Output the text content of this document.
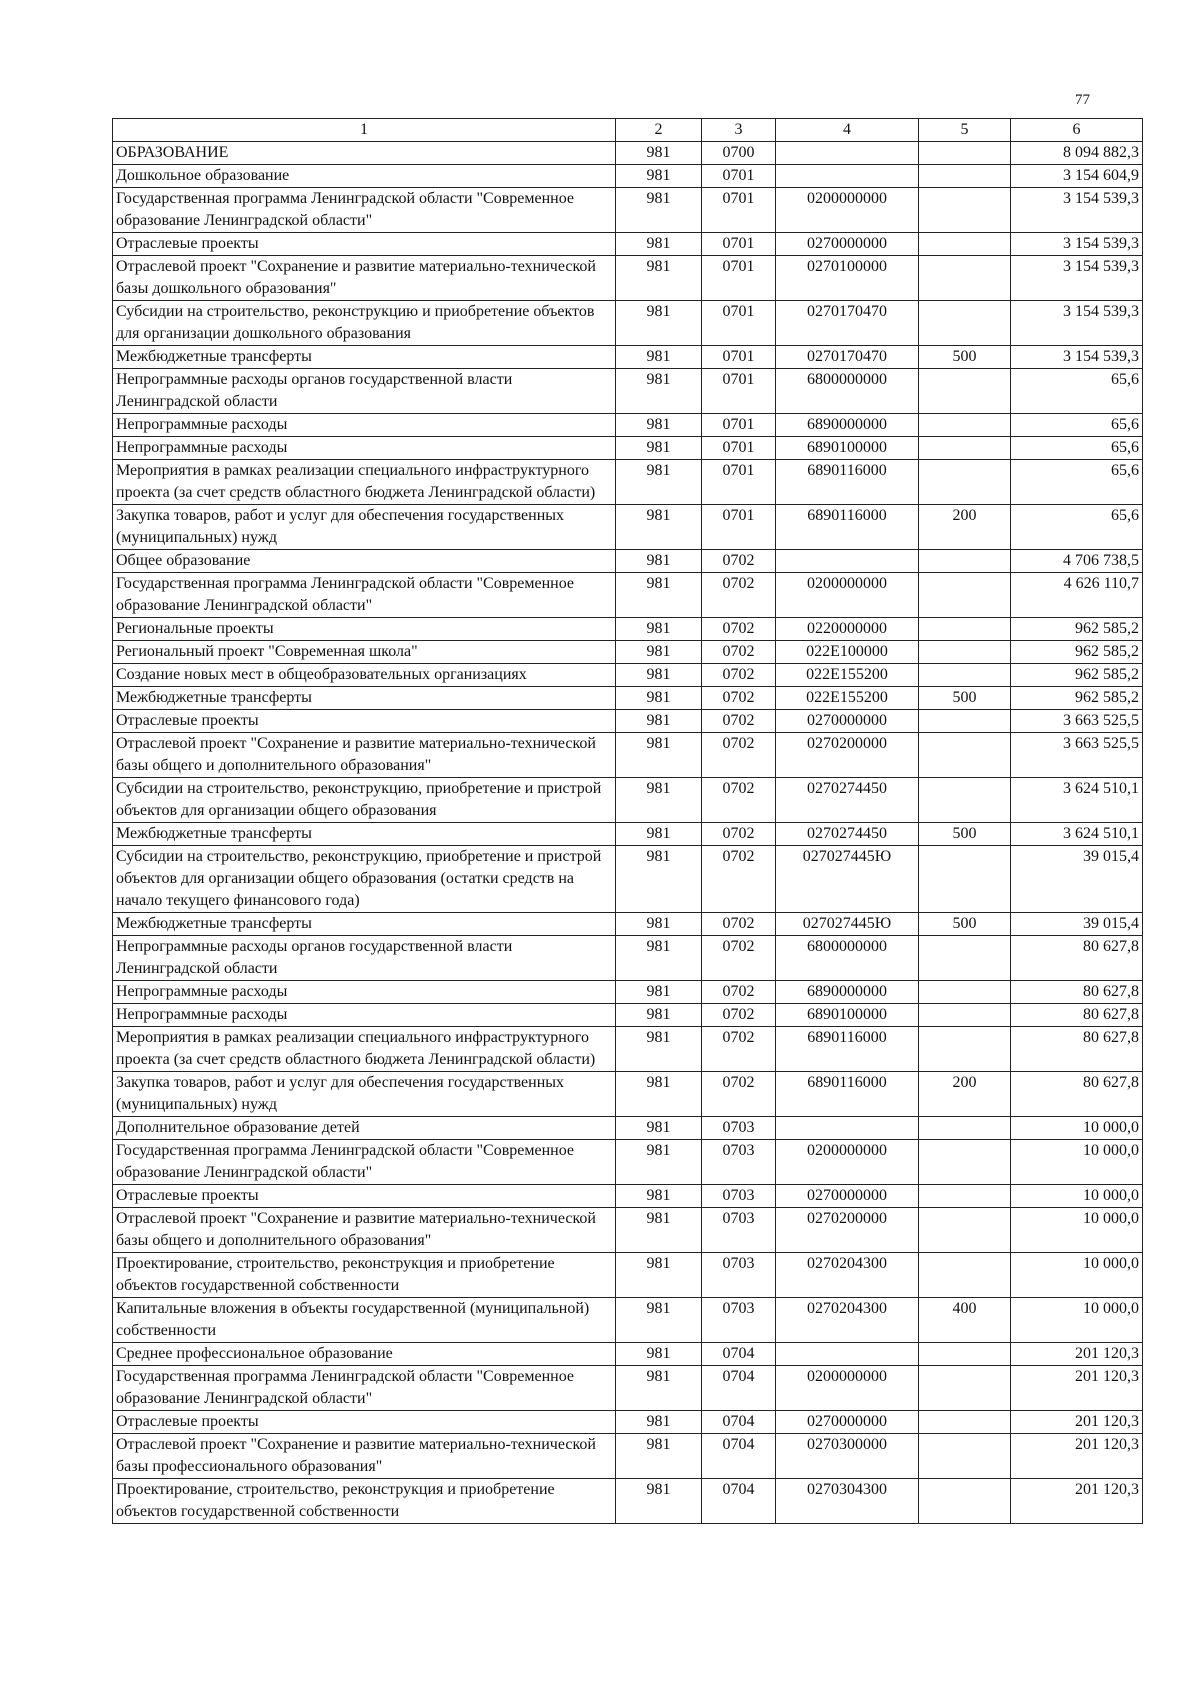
77
1	2	3	4	5	6
ОБРАЗОВАНИЕ	981	0700			8 094 882,3
Дошкольное образование	981	0701			3 154 604,9
Государственная программа Ленинградской области "Современное образование Ленинградской области"	981	0701	0200000000		3 154 539,3
Отраслевые проекты	981	0701	0270000000		3 154 539,3
Отраслевой проект "Сохранение и развитие материально-технической базы дошкольного образования"	981	0701	0270100000		3 154 539,3
Субсидии на строительство, реконструкцию и приобретение объектов для организации дошкольного образования	981	0701	0270170470		3 154 539,3
Межбюджетные трансферты	981	0701	0270170470	500	3 154 539,3
Непрограммные расходы органов государственной власти Ленинградской области	981	0701	6800000000		65,6
Непрограммные расходы	981	0701	6890000000		65,6
Непрограммные расходы	981	0701	6890100000		65,6
Мероприятия в рамках реализации специального инфраструктурного проекта (за счет средств областного бюджета Ленинградской области)	981	0701	6890116000		65,6
Закупка товаров, работ и услуг для обеспечения государственных (муниципальных) нужд	981	0701	6890116000	200	65,6
Общее образование	981	0702			4 706 738,5
Государственная программа Ленинградской области "Современное образование Ленинградской области"	981	0702	0200000000		4 626 110,7
Региональные проекты	981	0702	0220000000		962 585,2
Региональный проект "Современная школа"	981	0702	022E100000		962 585,2
Создание новых мест в общеобразовательных организациях	981	0702	022E155200		962 585,2
Межбюджетные трансферты	981	0702	022E155200	500	962 585,2
Отраслевые проекты	981	0702	0270000000		3 663 525,5
Отраслевой проект "Сохранение и развитие материально-технической базы общего и дополнительного образования"	981	0702	0270200000		3 663 525,5
Субсидии на строительство, реконструкцию, приобретение и пристрой объектов для организации общего образования	981	0702	0270274450		3 624 510,1
Межбюджетные трансферты	981	0702	0270274450	500	3 624 510,1
Субсидии на строительство, реконструкцию, приобретение и пристрой объектов для организации общего образования (остатки средств на начало текущего финансового года)	981	0702	027027445Ю		39 015,4
Межбюджетные трансферты	981	0702	027027445Ю	500	39 015,4
Непрограммные расходы органов государственной власти Ленинградской области	981	0702	6800000000		80 627,8
Непрограммные расходы	981	0702	6890000000		80 627,8
Непрограммные расходы	981	0702	6890100000		80 627,8
Мероприятия в рамках реализации специального инфраструктурного проекта (за счет средств областного бюджета Ленинградской области)	981	0702	6890116000		80 627,8
Закупка товаров, работ и услуг для обеспечения государственных (муниципальных) нужд	981	0702	6890116000	200	80 627,8
Дополнительное образование детей	981	0703			10 000,0
Государственная программа Ленинградской области "Современное образование Ленинградской области"	981	0703	0200000000		10 000,0
Отраслевые проекты	981	0703	0270000000		10 000,0
Отраслевой проект "Сохранение и развитие материально-технической базы общего и дополнительного образования"	981	0703	0270200000		10 000,0
Проектирование, строительство, реконструкция и приобретение объектов государственной собственности	981	0703	0270204300		10 000,0
Капитальные вложения в объекты государственной (муниципальной) собственности	981	0703	0270204300	400	10 000,0
Среднее профессиональное образование	981	0704			201 120,3
Государственная программа Ленинградской области "Современное образование Ленинградской области"	981	0704	0200000000		201 120,3
Отраслевые проекты	981	0704	0270000000		201 120,3
Отраслевой проект "Сохранение и развитие материально-технической базы профессионального образования"	981	0704	0270300000		201 120,3
Проектирование, строительство, реконструкция и приобретение объектов государственной собственности	981	0704	0270304300		201 120,3
